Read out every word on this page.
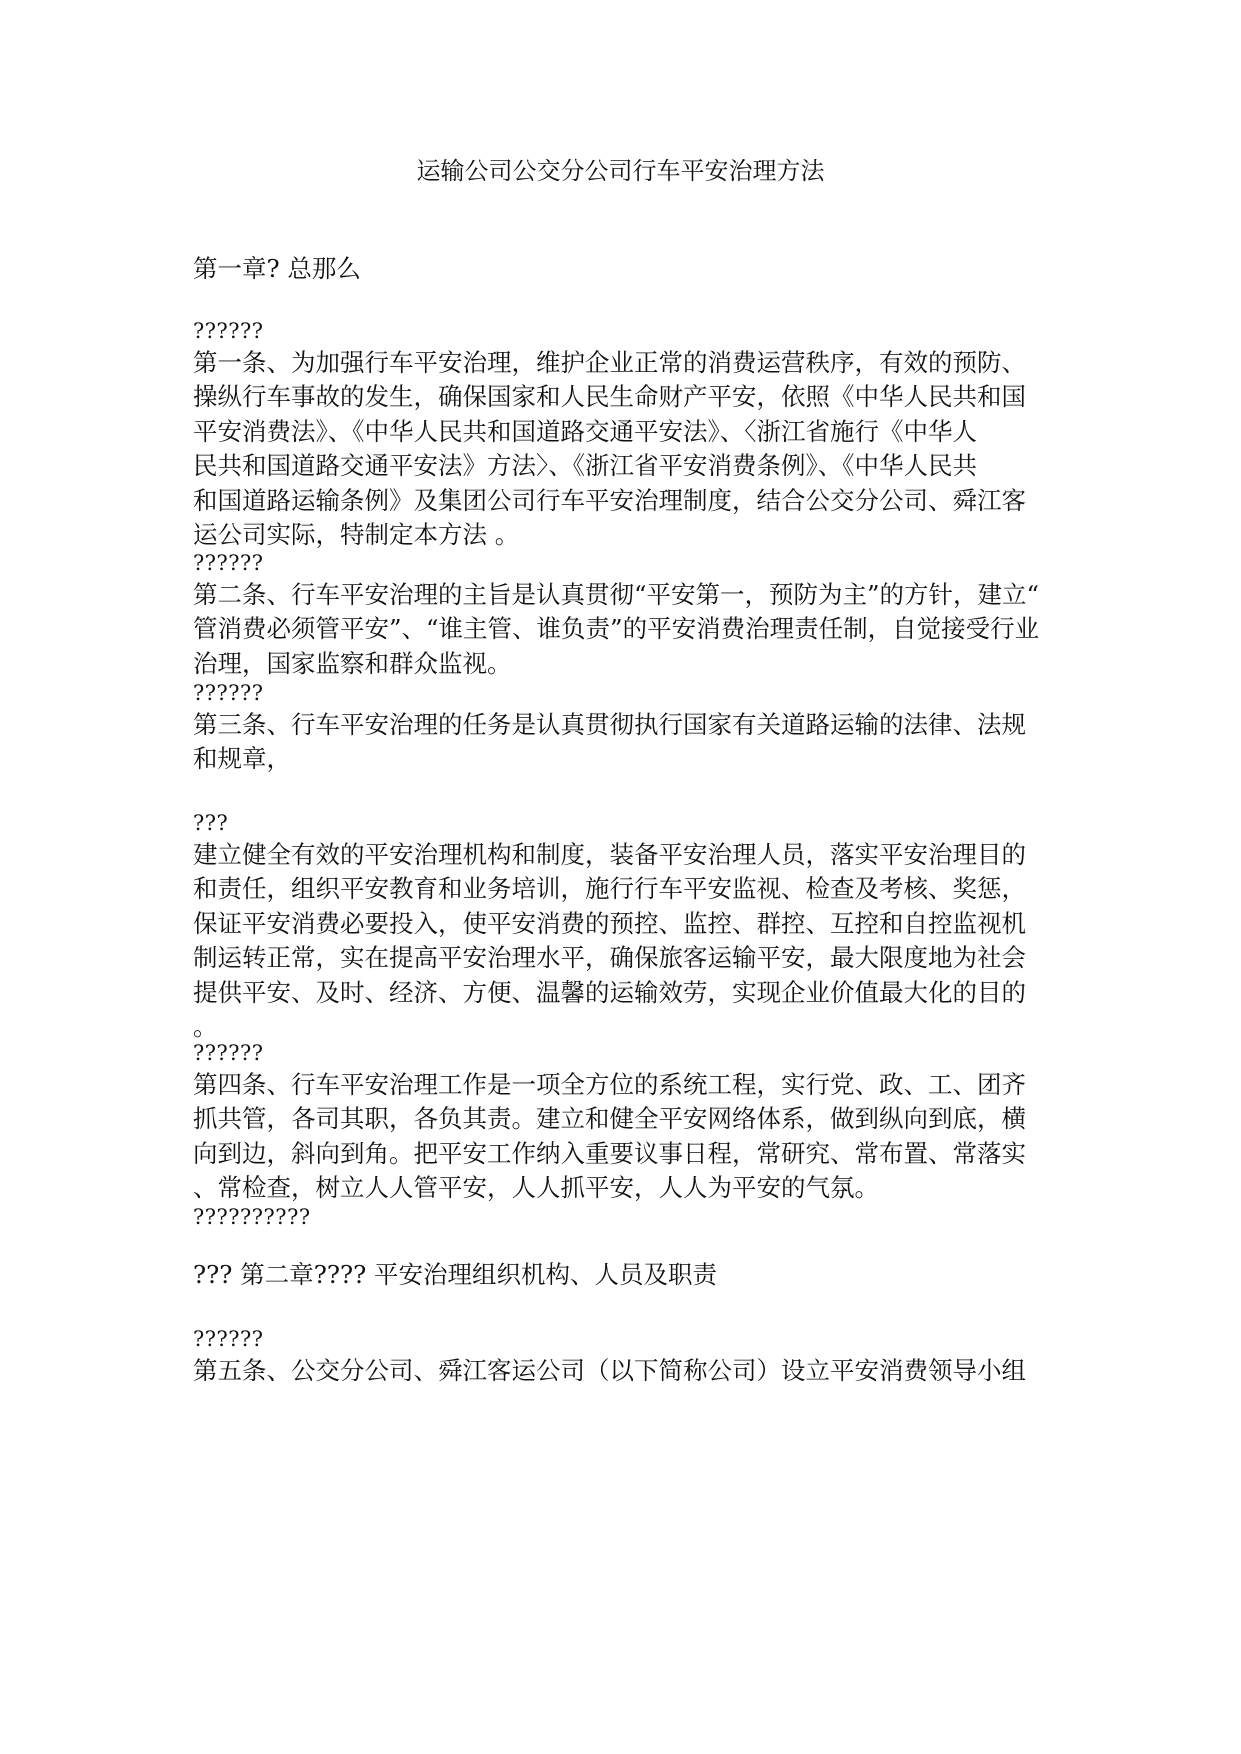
运输公司公交分公司行车平安治理方法
第一章? 总那么
??????
第一条、为加强行车平安治理，维护企业正常的消费运营秩序，有效的预防、
操纵行车事故的发生，确保国家和人民生命财产平安，依照《中华人民共和国
平安消费法》、《中华人民共和国道路交通平安法》、〈浙江省施行《中华人
民共和国道路交通平安法》方法〉、《浙江省平安消费条例》、《中华人民共
和国道路运输条例》及集团公司行车平安治理制度，结合公交分公司、舜江客
运公司实际，特制定本方法 。
??????
第二条、行车平安治理的主旨是认真贯彻“平安第一，预防为主”的方针，建立“
管消费必须管平安”、“谁主管、谁负责”的平安消费治理责任制，自觉接受行业
治理，国家监察和群众监视。
??????
第三条、行车平安治理的任务是认真贯彻执行国家有关道路运输的法律、法规
和规章，
???
建立健全有效的平安治理机构和制度，装备平安治理人员，落实平安治理目的
和责任，组织平安教育和业务培训，施行行车平安监视、检查及考核、奖惩，
保证平安消费必要投入，使平安消费的预控、监控、群控、互控和自控监视机
制运转正常，实在提高平安治理水平，确保旅客运输平安，最大限度地为社会
提供平安、及时、经济、方便、温馨的运输效劳，实现企业价值最大化的目的
。
??????
第四条、行车平安治理工作是一项全方位的系统工程，实行党、政、工、团齐
抓共管，各司其职，各负其责。建立和健全平安网络体系，做到纵向到底，横
向到边，斜向到角。把平安工作纳入重要议事日程，常研究、常布置、常落实
、常检查，树立人人管平安，人人抓平安，人人为平安的气氛。
??????????
??? 第二章???? 平安治理组织机构、人员及职责
??????
第五条、公交分公司、舜江客运公司（以下简称公司）设立平安消费领导小组
